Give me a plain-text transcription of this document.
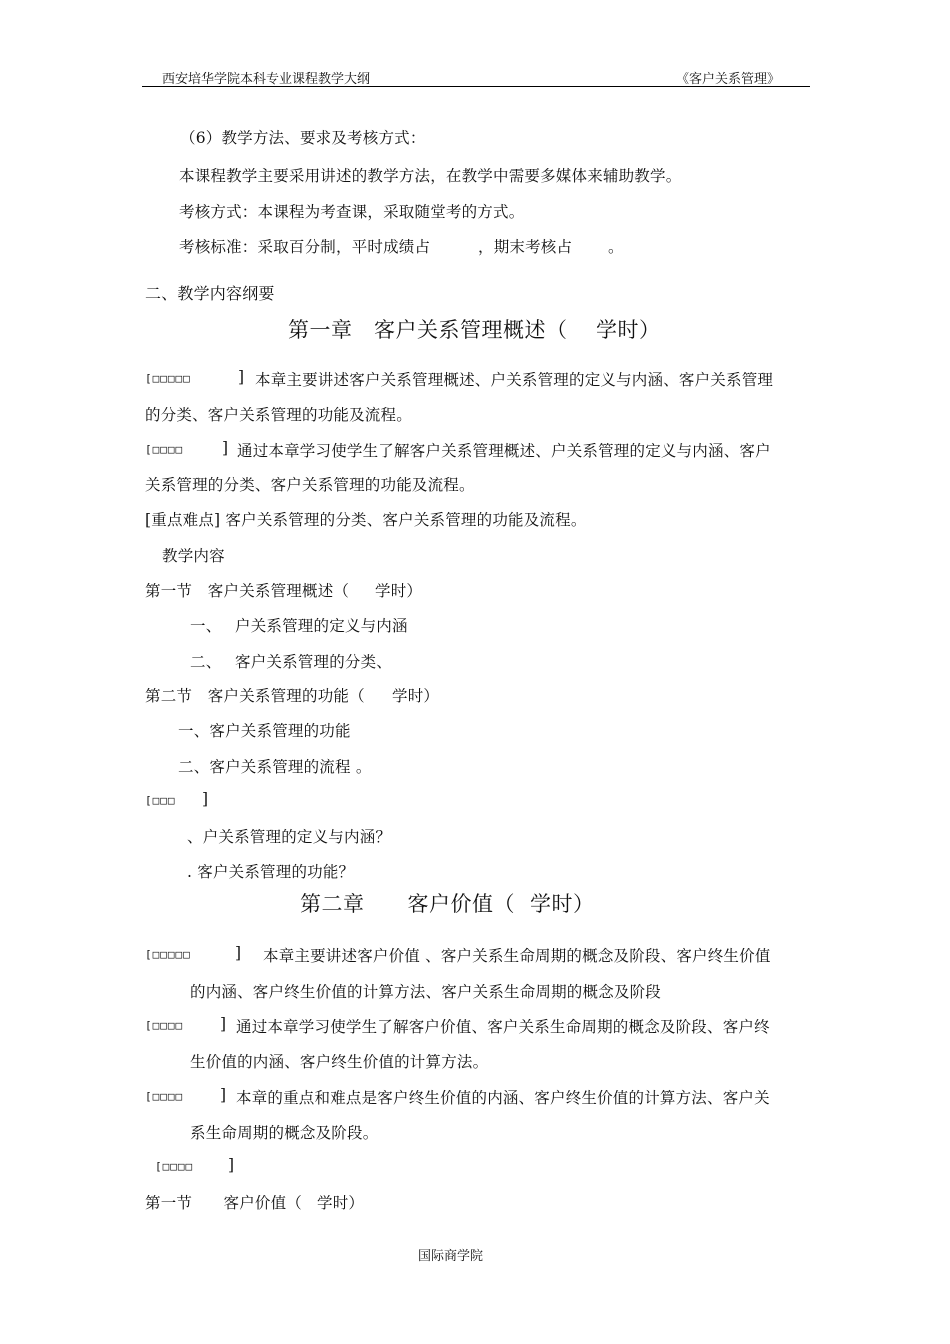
西安培华学院本科专业课程教学大纲	《客户关系管理》
（6）教学方法、要求及考核方式：
本课程教学主要采用讲述的教学方法，在教学中需要多媒体来辅助教学。
考核方式：本课程为考查课，采取随堂考的方式。
考核标准：采取百分制，平时成绩占	，期末考核占 。
二、教学内容纲要
第一章　客户关系管理概述（ 学时）
[□□□□□	] 本章主要讲述客户关系管理概述、户关系管理的定义与内涵、客户关系管理
的分类、客户关系管理的功能及流程。
[□□□□	] 通过本章学习使学生了解客户关系管理概述、户关系管理的定义与内涵、客户
关系管理的分类、客户关系管理的功能及流程。
[重点难点] 客户关系管理的分类、客户关系管理的功能及流程。
教学内容
第一节　客户关系管理概述（ 学时）
一、 户关系管理的定义与内涵
二、 客户关系管理的分类、
第二节　客户关系管理的功能（ 学时）
一、客户关系管理的功能
二、客户关系管理的流程 。
[□□□ ]
、户关系管理的定义与内涵？
. 客户关系管理的功能？
第二章　　客户价值（ 学时）
[□□□□□	] 本章主要讲述客户价值 、客户关系生命周期的概念及阶段、客户终生价值
的内涵、客户终生价值的计算方法、客户关系生命周期的概念及阶段
[□□□□ ] 通过本章学习使学生了解客户价值、客户关系生命周期的概念及阶段、客户终
生价值的内涵、客户终生价值的计算方法。
[□□□□ ] 本章的重点和难点是客户终生价值的内涵、客户终生价值的计算方法、客户关
系生命周期的概念及阶段。
[□□□□ ]
第一节　　客户价值（ 学时）
国际商学院
